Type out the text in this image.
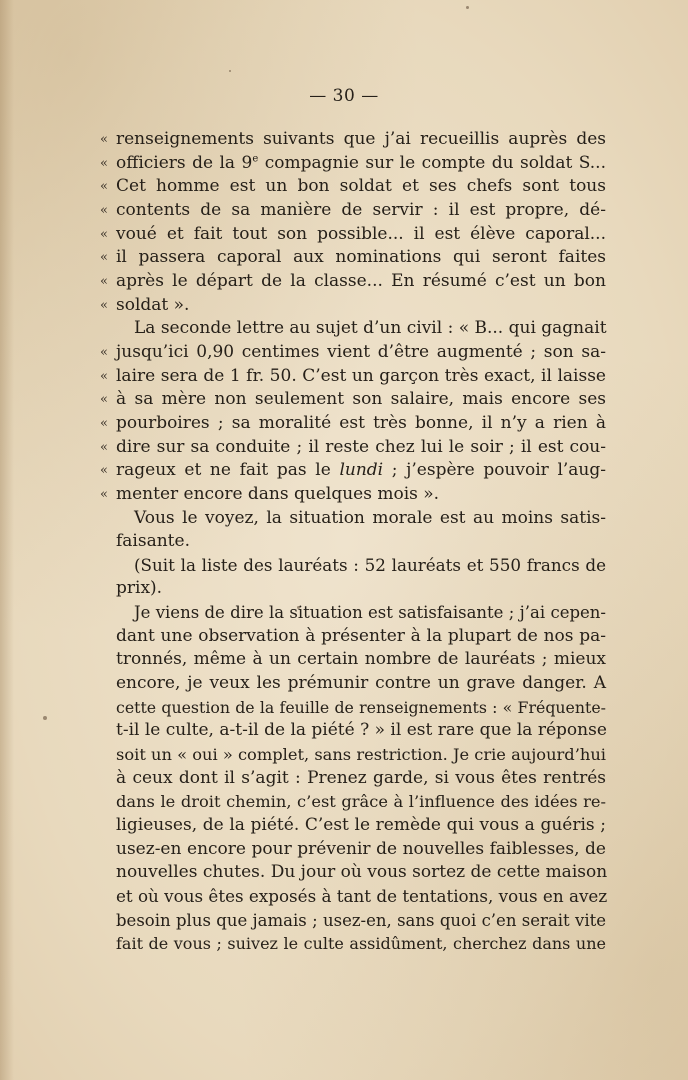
— 30 —
« renseignements suivants que j’ai recueillis auprès des
« officiers de la 9e compagnie sur le compte du soldat S...
« Cet homme est un bon soldat et ses chefs sont tous
« contents de sa manière de servir : il est propre, dé-
« voué et fait tout son possible... il est élève caporal...
« il passera caporal aux nominations qui seront faites
« après le départ de la classe... En résumé c’est un bon
« soldat ».
La seconde lettre au sujet d’un civil : « B... qui gagnait
« jusqu’ici 0,90 centimes vient d’être augmenté ; son sa-
« laire sera de 1 fr. 50. C’est un garçon très exact, il laisse
« à sa mère non seulement son salaire, mais encore ses
« pourboires ; sa moralité est très bonne, il n’y a rien à
« dire sur sa conduite ; il reste chez lui le soir ; il est cou-
« rageux et ne fait pas le lundi ; j’espère pouvoir l’aug-
« menter encore dans quelques mois ».
Vous le voyez, la situation morale est au moins satis-
faisante.
(Suit la liste des lauréats : 52 lauréats et 550 francs de
prix).
Je viens de dire la situation est satisfaisante ; j’ai cepen-
dant une observation à présenter à la plupart de nos pa-
tronnés, même à un certain nombre de lauréats ; mieux
encore, je veux les prémunir contre un grave danger. A
cette question de la feuille de renseignements : « Fréquente-
t-il le culte, a-t-il de la piété ? » il est rare que la réponse
soit un « oui » complet, sans restriction. Je crie aujourd’hui
à ceux dont il s’agit : Prenez garde, si vous êtes rentrés
dans le droit chemin, c’est grâce à l’influence des idées re-
ligieuses, de la piété. C’est le remède qui vous a guéris ;
usez-en encore pour prévenir de nouvelles faiblesses, de
nouvelles chutes. Du jour où vous sortez de cette maison
et où vous êtes exposés à tant de tentations, vous en avez
besoin plus que jamais ; usez-en, sans quoi c’en serait vite
fait de vous ; suivez le culte assidûment, cherchez dans une
